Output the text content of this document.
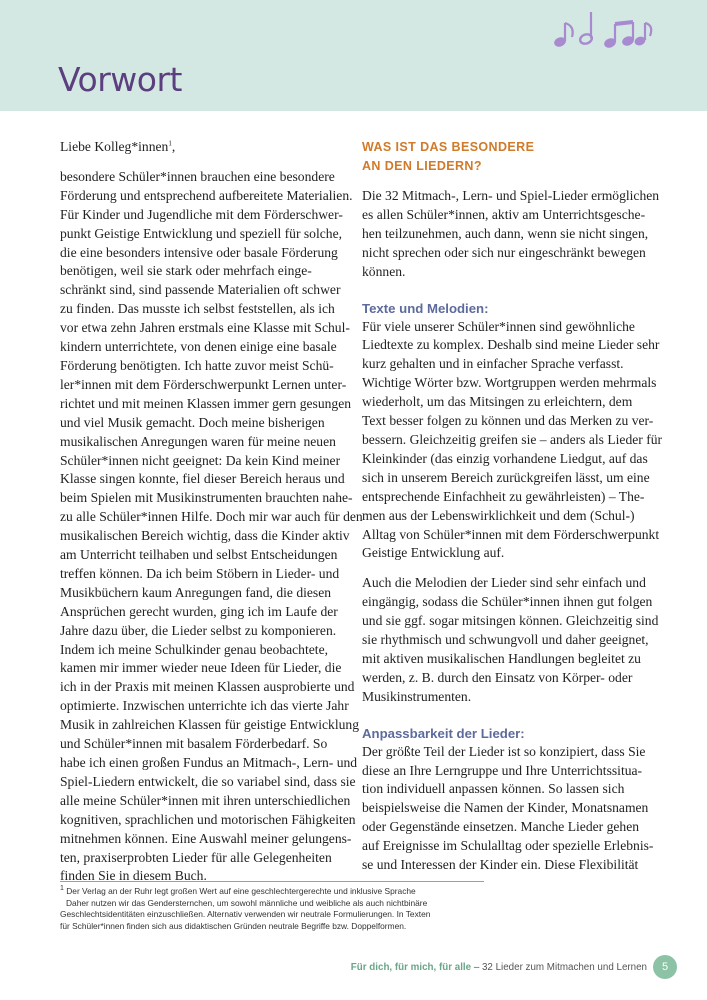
Vorwort
Liebe Kolleg*innen$^1$,

besondere Schüler*innen brauchen eine besondere
Förderung und entsprechend aufbereitete Materialien.
Für Kinder und Jugendliche mit dem Förderschwer-
punkt Geistige Entwicklung und speziell für solche,
die eine besonders intensive oder basale Förderung
benötigen, weil sie stark oder mehrfach einge-
schränkt sind, sind passende Materialien oft schwer
zu finden. Das musste ich selbst feststellen, als ich
vor etwa zehn Jahren erstmals eine Klasse mit Schul-
kindern unterrichtete, von denen einige eine basale
Förderung benötigten. Ich hatte zuvor meist Schü-
ler*innen mit dem Förderschwerpunkt Lernen unter-
richtet und mit meinen Klassen immer gern gesungen
und viel Musik gemacht. Doch meine bisherigen
musikalischen Anregungen waren für meine neuen
Schüler*innen nicht geeignet: Da kein Kind meiner
Klasse singen konnte, fiel dieser Bereich heraus und
beim Spielen mit Musikinstrumenten brauchten nahe-
zu alle Schüler*innen Hilfe. Doch mir war auch für den
musikalischen Bereich wichtig, dass die Kinder aktiv
am Unterricht teilhaben und selbst Entscheidungen
treffen können. Da ich beim Stöbern in Lieder- und
Musikbüchern kaum Anregungen fand, die diesen
Ansprüchen gerecht wurden, ging ich im Laufe der
Jahre dazu über, die Lieder selbst zu komponieren.
Indem ich meine Schulkinder genau beobachtete,
kamen mir immer wieder neue Ideen für Lieder, die
ich in der Praxis mit meinen Klassen ausprobierte und
optimierte. Inzwischen unterrichte ich das vierte Jahr
Musik in zahlreichen Klassen für geistige Entwicklung
und Schüler*innen mit basalem Förderbedarf. So
habe ich einen großen Fundus an Mitmach-, Lern- und
Spiel-Liedern entwickelt, die so variabel sind, dass sie
alle meine Schüler*innen mit ihren unterschiedlichen
kognitiven, sprachlichen und motorischen Fähigkeiten
mitnehmen können. Eine Auswahl meiner gelungens-
ten, praxiserprobten Lieder für alle Gelegenheiten
finden Sie in diesem Buch.

WAS IST DAS BESONDERE
AN DEN LIEDERN?

Die 32 Mitmach-, Lern- und Spiel-Lieder ermöglichen
es allen Schüler*innen, aktiv am Unterrichtsgesche-
hen teilzunehmen, auch dann, wenn sie nicht singen,
nicht sprechen oder sich nur eingeschränkt bewegen
können.

Texte und Melodien:

Für viele unserer Schüler*innen sind gewöhnliche
Liedtexte zu komplex. Deshalb sind meine Lieder sehr
kurz gehalten und in einfacher Sprache verfasst.
Wichtige Wörter bzw. Wortgruppen werden mehrmals
wiederholt, um das Mitsingen zu erleichtern, dem
Text besser folgen zu können und das Merken zu ver-
bessern. Gleichzeitig greifen sie – anders als Lieder für
Kleinkinder (das einzig vorhandene Liedgut, auf das
sich in unserem Bereich zurückgreifen lässt, um eine
entsprechende Einfachheit zu gewährleisten) – The-
men aus der Lebenswirklichkeit und dem (Schul-)
Alltag von Schüler*innen mit dem Förderschwerpunkt
Geistige Entwicklung auf.

Auch die Melodien der Lieder sind sehr einfach und
eingängig, sodass die Schüler*innen ihnen gut folgen
und sie ggf. sogar mitsingen können. Gleichzeitig sind
sie rhythmisch und schwungvoll und daher geeignet,
mit aktiven musikalischen Handlungen begleitet zu
werden, z. B. durch den Einsatz von Körper- oder
Musikinstrumenten.

Anpassbarkeit der Lieder:

Der größte Teil der Lieder ist so konzipiert, dass Sie
diese an Ihre Lerngruppe und Ihre Unterrichtssitua-
tion individuell anpassen können. So lassen sich
beispielsweise die Namen der Kinder, Monatsnamen
oder Gegenstände einsetzen. Manche Lieder gehen
auf Ereignisse im Schulalltag oder spezielle Erlebnis-
se und Interessen der Kinder ein. Diese Flexibilität

$^1$ Der Verlag an der Ruhr legt großen Wert auf eine geschlechtergerechte und inklusive Sprache
Daher nutzen wir das Gendersternchen, um sowohl männliche und weibliche als auch nichtbinäre
Geschlechtsidentitäten einzuschließen. Alternativ verwenden wir neutrale Formulierungen. In Texten
für Schüler*innen finden sich aus didaktischen Gründen neutrale Begriffe bzw. Doppelformen.
Für dich, für mich, für alle – 32 Lieder zum Mitmachen und Lernen	5
